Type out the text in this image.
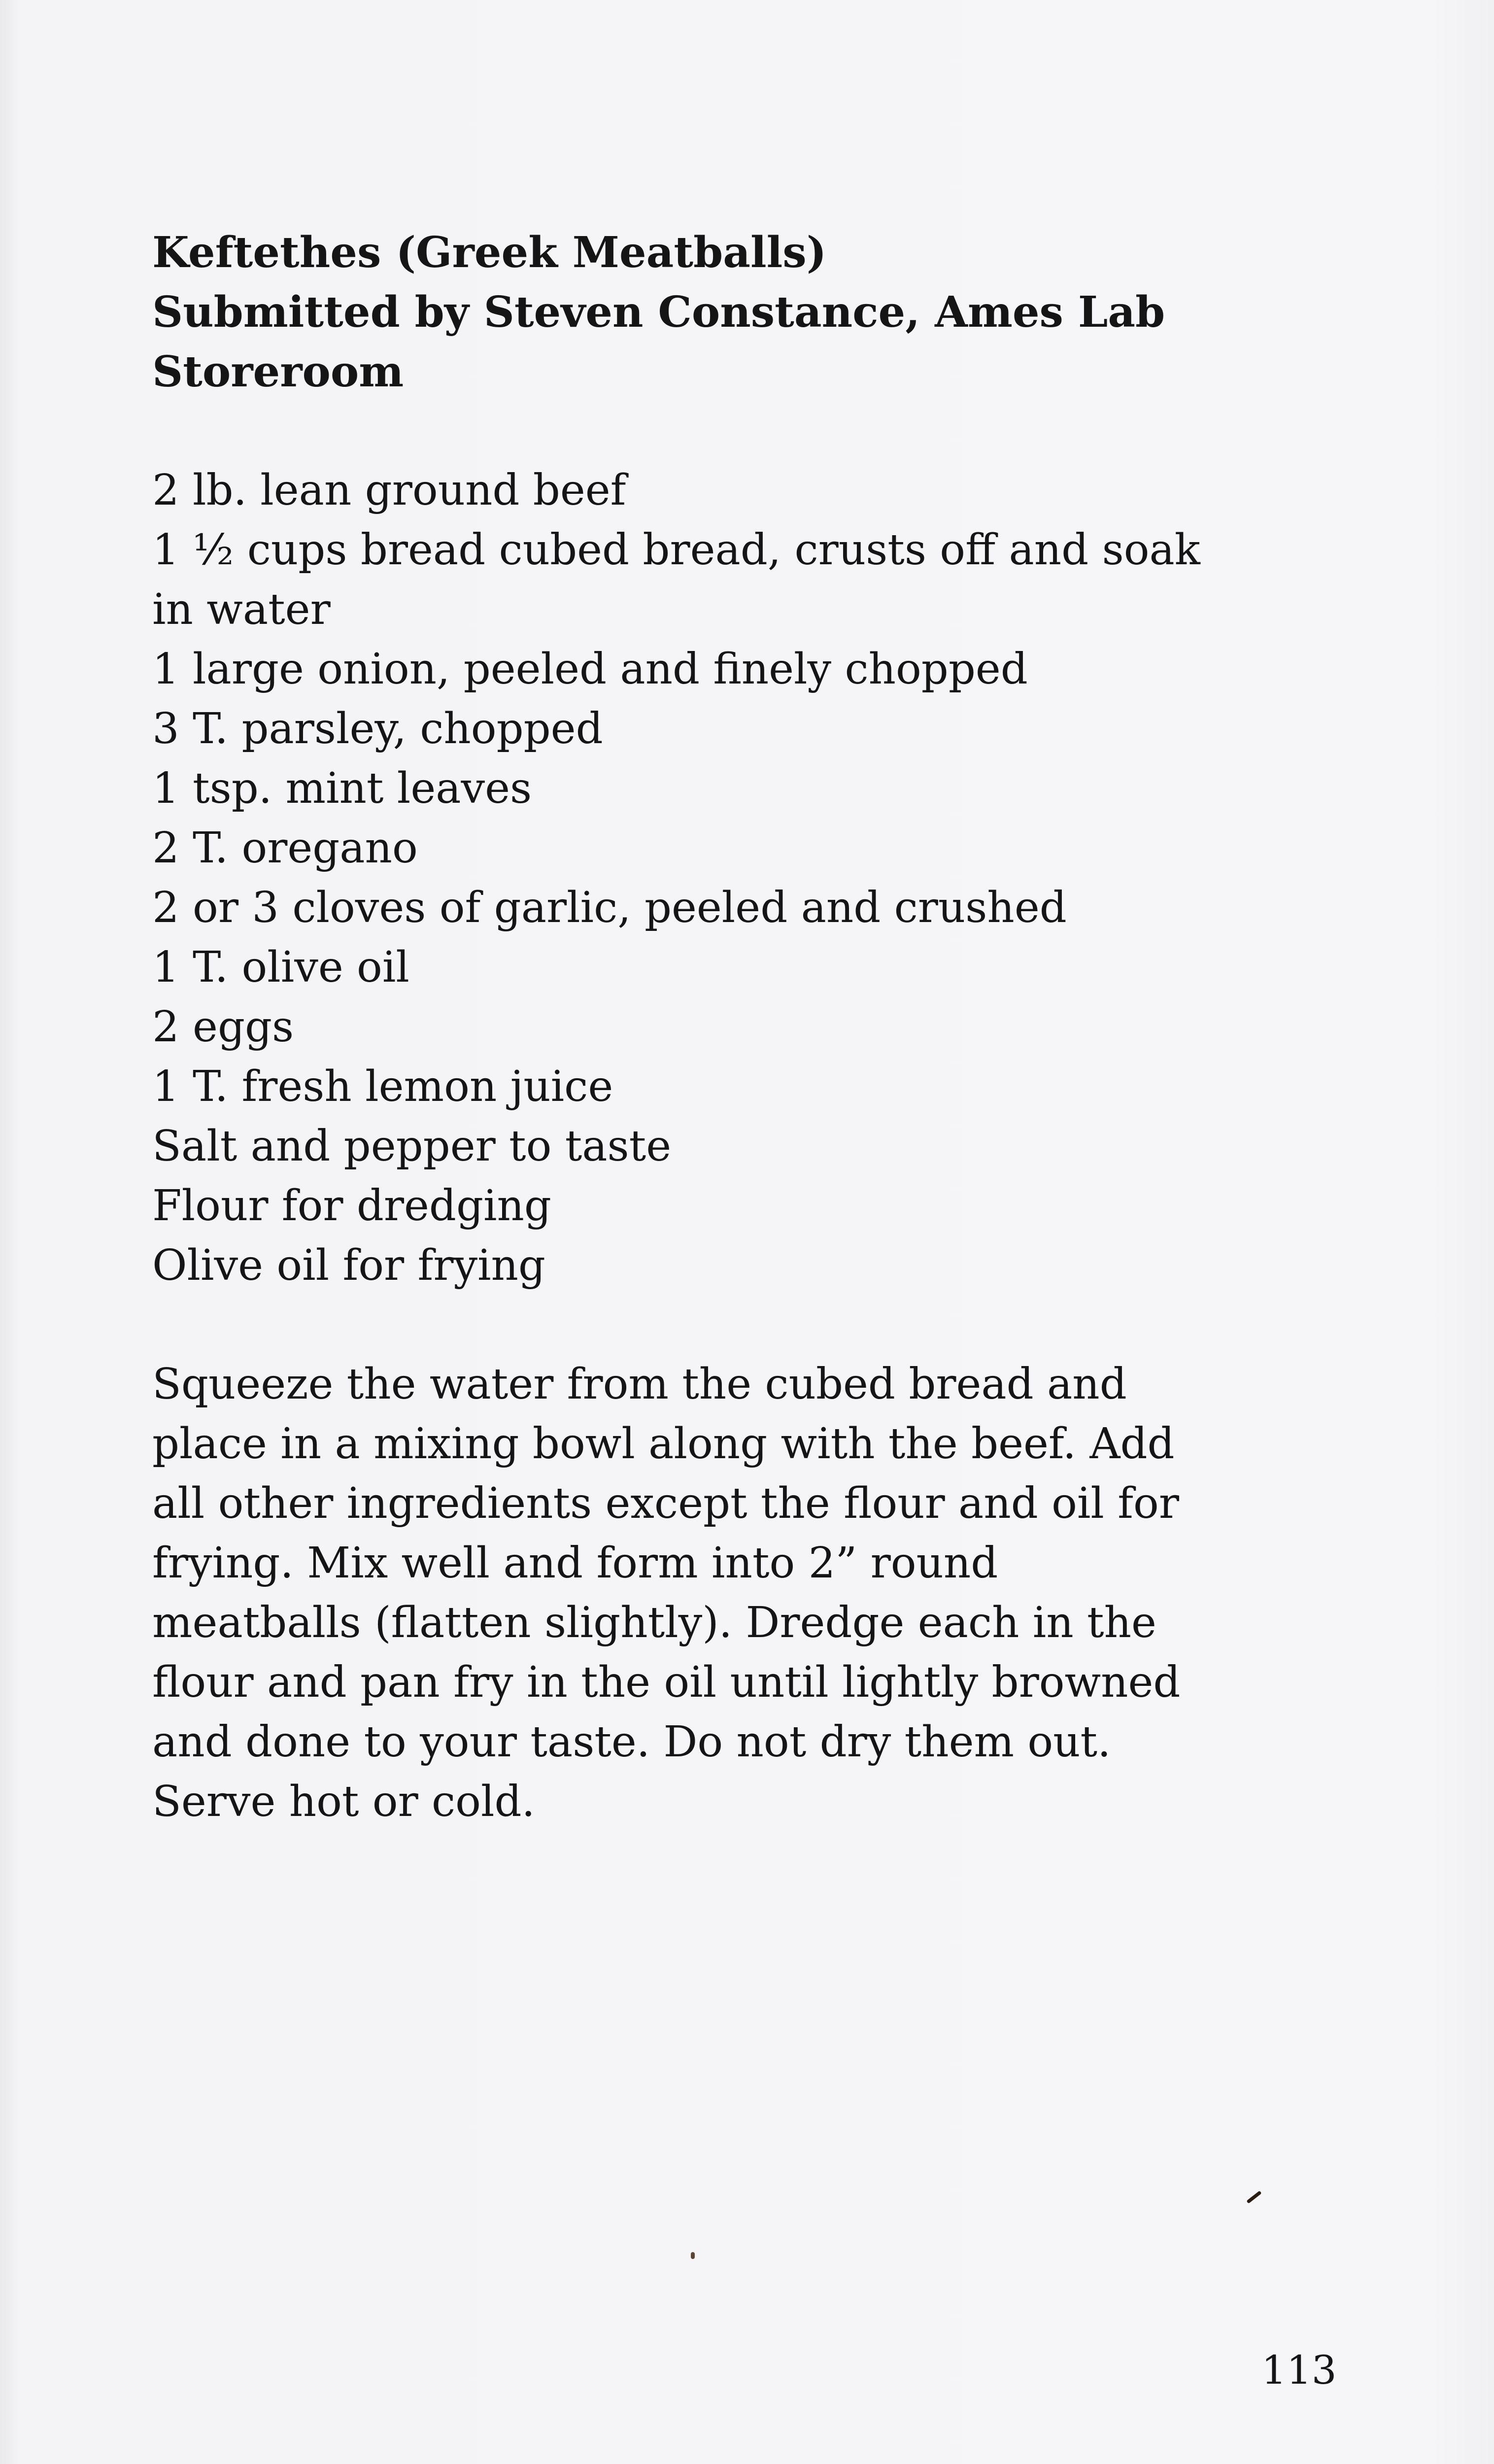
Keftethes (Greek Meatballs)
Submitted by Steven Constance, Ames Lab
Storeroom
2 lb. lean ground beef
1 ½ cups bread cubed bread, crusts off and soak
in water
1 large onion, peeled and finely chopped
3 T. parsley, chopped
1 tsp. mint leaves
2 T. oregano
2 or 3 cloves of garlic, peeled and crushed
1 T. olive oil
2 eggs
1 T. fresh lemon juice
Salt and pepper to taste
Flour for dredging
Olive oil for frying
Squeeze the water from the cubed bread and
place in a mixing bowl along with the beef. Add
all other ingredients except the flour and oil for
frying. Mix well and form into 2” round
meatballs (flatten slightly). Dredge each in the
flour and pan fry in the oil until lightly browned
and done to your taste. Do not dry them out.
Serve hot or cold.
113
